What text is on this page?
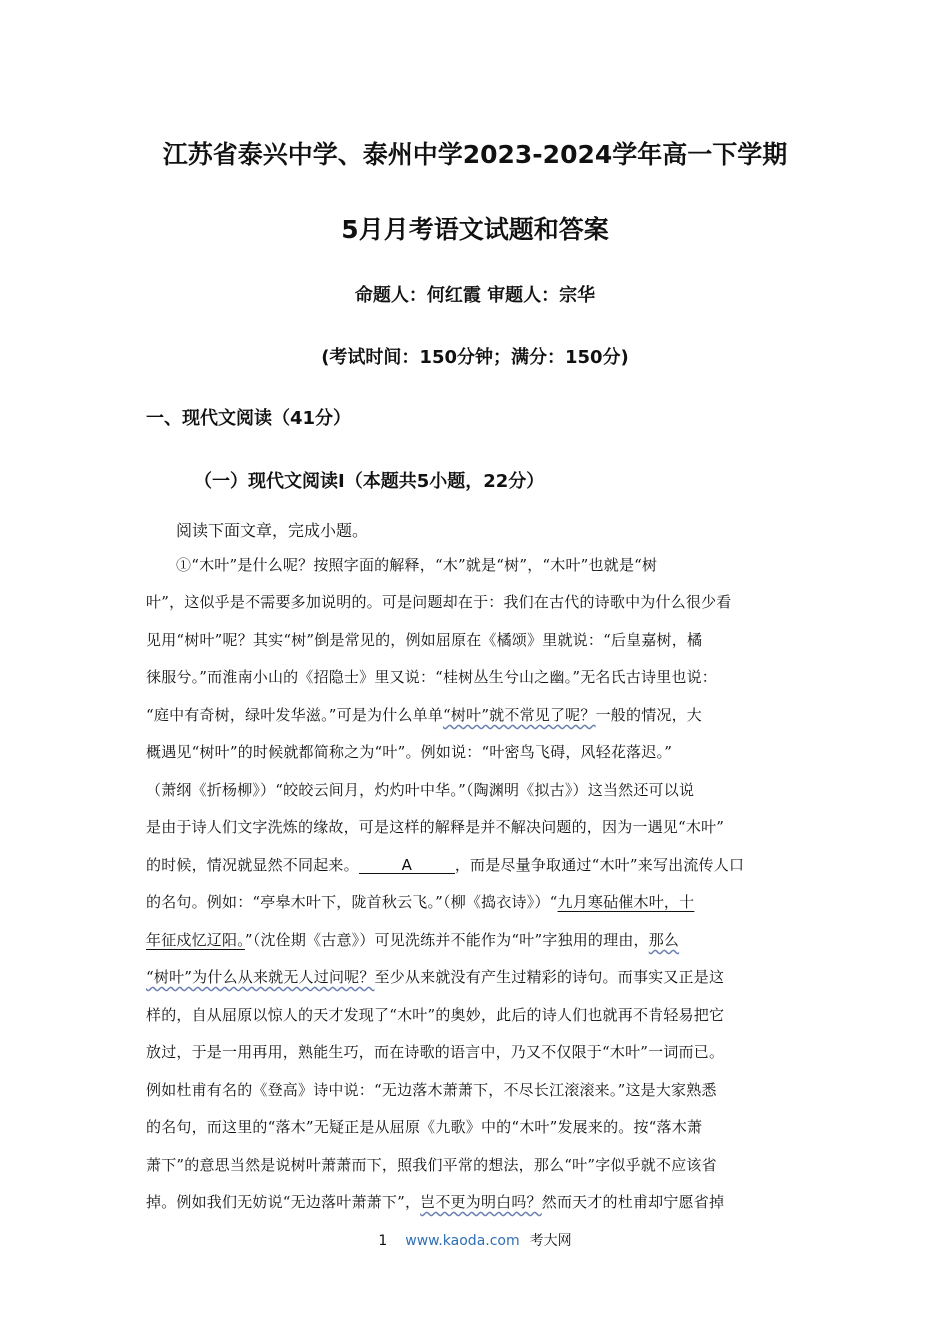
江苏省泰兴中学、泰州中学2023-2024学年高一下学期
5月月考语文试题和答案
命题人：何红霞 审题人：宗华
(考试时间：150分钟；满分：150分)
一、现代文阅读（41分）
（一）现代文阅读Ⅰ（本题共5小题，22分）
阅读下面文章，完成小题。
①“木叶”是什么呢？按照字面的解释，“木”就是“树”，“木叶”也就是“树
叶”，这似乎是不需要多加说明的。可是问题却在于：我们在古代的诗歌中为什么很少看
见用“树叶”呢？其实“树”倒是常见的，例如屈原在《橘颂》里就说：“后皇嘉树，橘
徕服兮。”而淮南小山的《招隐士》里又说：“桂树丛生兮山之幽。”无名氏古诗里也说：
“庭中有奇树，绿叶发华滋。”可是为什么单单“树叶”就不常见了呢？一般的情况，大
概遇见“树叶”的时候就都简称之为“叶”。例如说：“叶密鸟飞碍，风轻花落迟。”
（萧纲《折杨柳》）“皎皎云间月，灼灼叶中华。”（陶渊明《拟古》）这当然还可以说
是由于诗人们文字洗炼的缘故，可是这样的解释是并不解决问题的，因为一遇见“木叶”
的时候，情况就显然不同起来。	A	，而是尽量争取通过“木叶”来写出流传人口
的名句。例如：“亭皋木叶下，陇首秋云飞。”（柳《捣衣诗》）“九月寒砧催木叶，十
年征戍忆辽阳。”（沈佺期《古意》）可见洗练并不能作为“叶”字独用的理由，那么
“树叶”为什么从来就无人过问呢？至少从来就没有产生过精彩的诗句。而事实又正是这
样的，自从屈原以惊人的天才发现了“木叶”的奥妙，此后的诗人们也就再不肯轻易把它
放过，于是一用再用，熟能生巧，而在诗歌的语言中，乃又不仅限于“木叶”一词而已。
例如杜甫有名的《登高》诗中说：“无边落木萧萧下，不尽长江滚滚来。”这是大家熟悉
的名句，而这里的“落木”无疑正是从屈原《九歌》中的“木叶”发展来的。按“落木萧
萧下”的意思当然是说树叶萧萧而下，照我们平常的想法，那么“叶”字似乎就不应该省
掉。例如我们无妨说“无边落叶萧萧下”，岂不更为明白吗？然而天才的杜甫却宁愿省掉
1 www.kaoda.com 考大网
